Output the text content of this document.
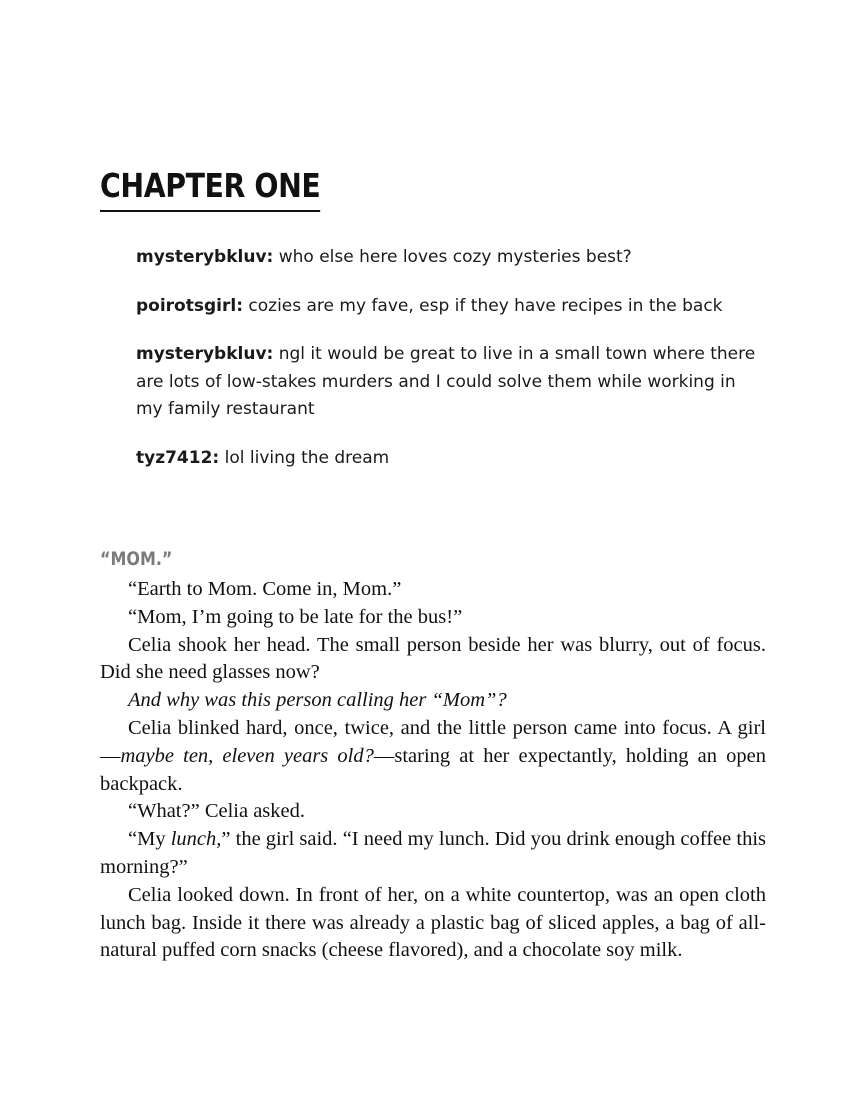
CHAPTER ONE

mysterybkluv: who else here loves cozy mysteries best?

poirotsgirl: cozies are my fave, esp if they have recipes in the back

mysterybkluv: ngl it would be great to live in a small town where there are lots of low-stakes murders and I could solve them while working in my family restaurant

tyz7412: lol living the dream

“MOM.”

“Earth to Mom. Come in, Mom.”

“Mom, I’m going to be late for the bus!”

Celia shook her head. The small person beside her was blurry, out of focus. Did she need glasses now?

And why was this person calling her “Mom”?

Celia blinked hard, once, twice, and the little person came into focus. A girl—maybe ten, eleven years old?—staring at her expectantly, holding an open backpack.

“What?” Celia asked.

“My lunch,” the girl said. “I need my lunch. Did you drink enough coffee this morning?”

Celia looked down. In front of her, on a white countertop, was an open cloth lunch bag. Inside it there was already a plastic bag of sliced apples, a bag of all-natural puffed corn snacks (cheese flavored), and a chocolate soy milk.
